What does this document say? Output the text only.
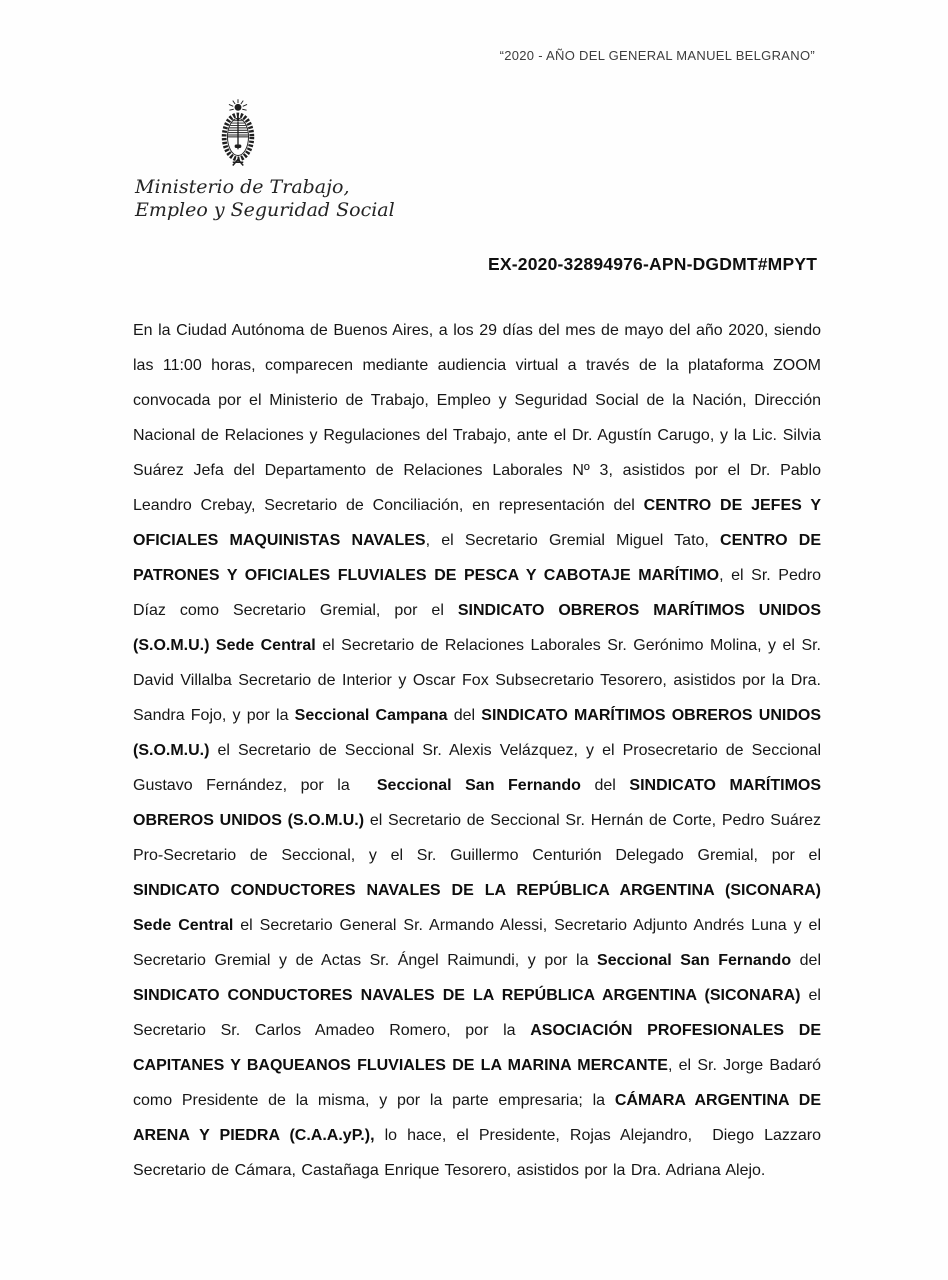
“2020 - AÑO DEL GENERAL MANUEL BELGRANO”
Ministerio de Trabajo,
Empleo y Seguridad Social
EX-2020-32894976-APN-DGDMT#MPYT

En la Ciudad Autónoma de Buenos Aires, a los 29 días del mes de mayo del año 2020, siendo las 11:00 horas, comparecen mediante audiencia virtual a través de la plataforma ZOOM convocada por el Ministerio de Trabajo, Empleo y Seguridad Social de la Nación, Dirección Nacional de Relaciones y Regulaciones del Trabajo, ante el Dr. Agustín Carugo, y la Lic. Silvia Suárez Jefa del Departamento de Relaciones Laborales Nº 3, asistidos por el Dr. Pablo Leandro Crebay, Secretario de Conciliación, en representación del CENTRO DE JEFES Y OFICIALES MAQUINISTAS NAVALES, el Secretario Gremial Miguel Tato, CENTRO DE PATRONES Y OFICIALES FLUVIALES DE PESCA Y CABOTAJE MARÍTIMO, el Sr. Pedro Díaz como Secretario Gremial, por el SINDICATO OBREROS MARÍTIMOS UNIDOS (S.O.M.U.) Sede Central el Secretario de Relaciones Laborales Sr. Gerónimo Molina, y el Sr. David Villalba Secretario de Interior y Oscar Fox Subsecretario Tesorero, asistidos por la Dra. Sandra Fojo, y por la Seccional Campana del SINDICATO MARÍTIMOS OBREROS UNIDOS (S.O.M.U.) el Secretario de Seccional Sr. Alexis Velázquez, y el Prosecretario de Seccional Gustavo Fernández, por la  Seccional San Fernando del SINDICATO MARÍTIMOS OBREROS UNIDOS (S.O.M.U.) el Secretario de Seccional Sr. Hernán de Corte, Pedro Suárez Pro-Secretario de Seccional, y el Sr. Guillermo Centurión Delegado Gremial, por el SINDICATO CONDUCTORES NAVALES DE LA REPÚBLICA ARGENTINA (SICONARA) Sede Central el Secretario General Sr. Armando Alessi, Secretario Adjunto Andrés Luna y el Secretario Gremial y de Actas Sr. Ángel Raimundi, y por la Seccional San Fernando del SINDICATO CONDUCTORES NAVALES DE LA REPÚBLICA ARGENTINA (SICONARA) el Secretario Sr. Carlos Amadeo Romero, por la ASOCIACIÓN PROFESIONALES DE CAPITANES Y BAQUEANOS FLUVIALES DE LA MARINA MERCANTE, el Sr. Jorge Badaró como Presidente de la misma, y por la parte empresaria; la CÁMARA ARGENTINA DE ARENA Y PIEDRA (C.A.A.yP.), lo hace, el Presidente, Rojas Alejandro,  Diego Lazzaro Secretario de Cámara, Castañaga Enrique Tesorero, asistidos por la Dra. Adriana Alejo.
